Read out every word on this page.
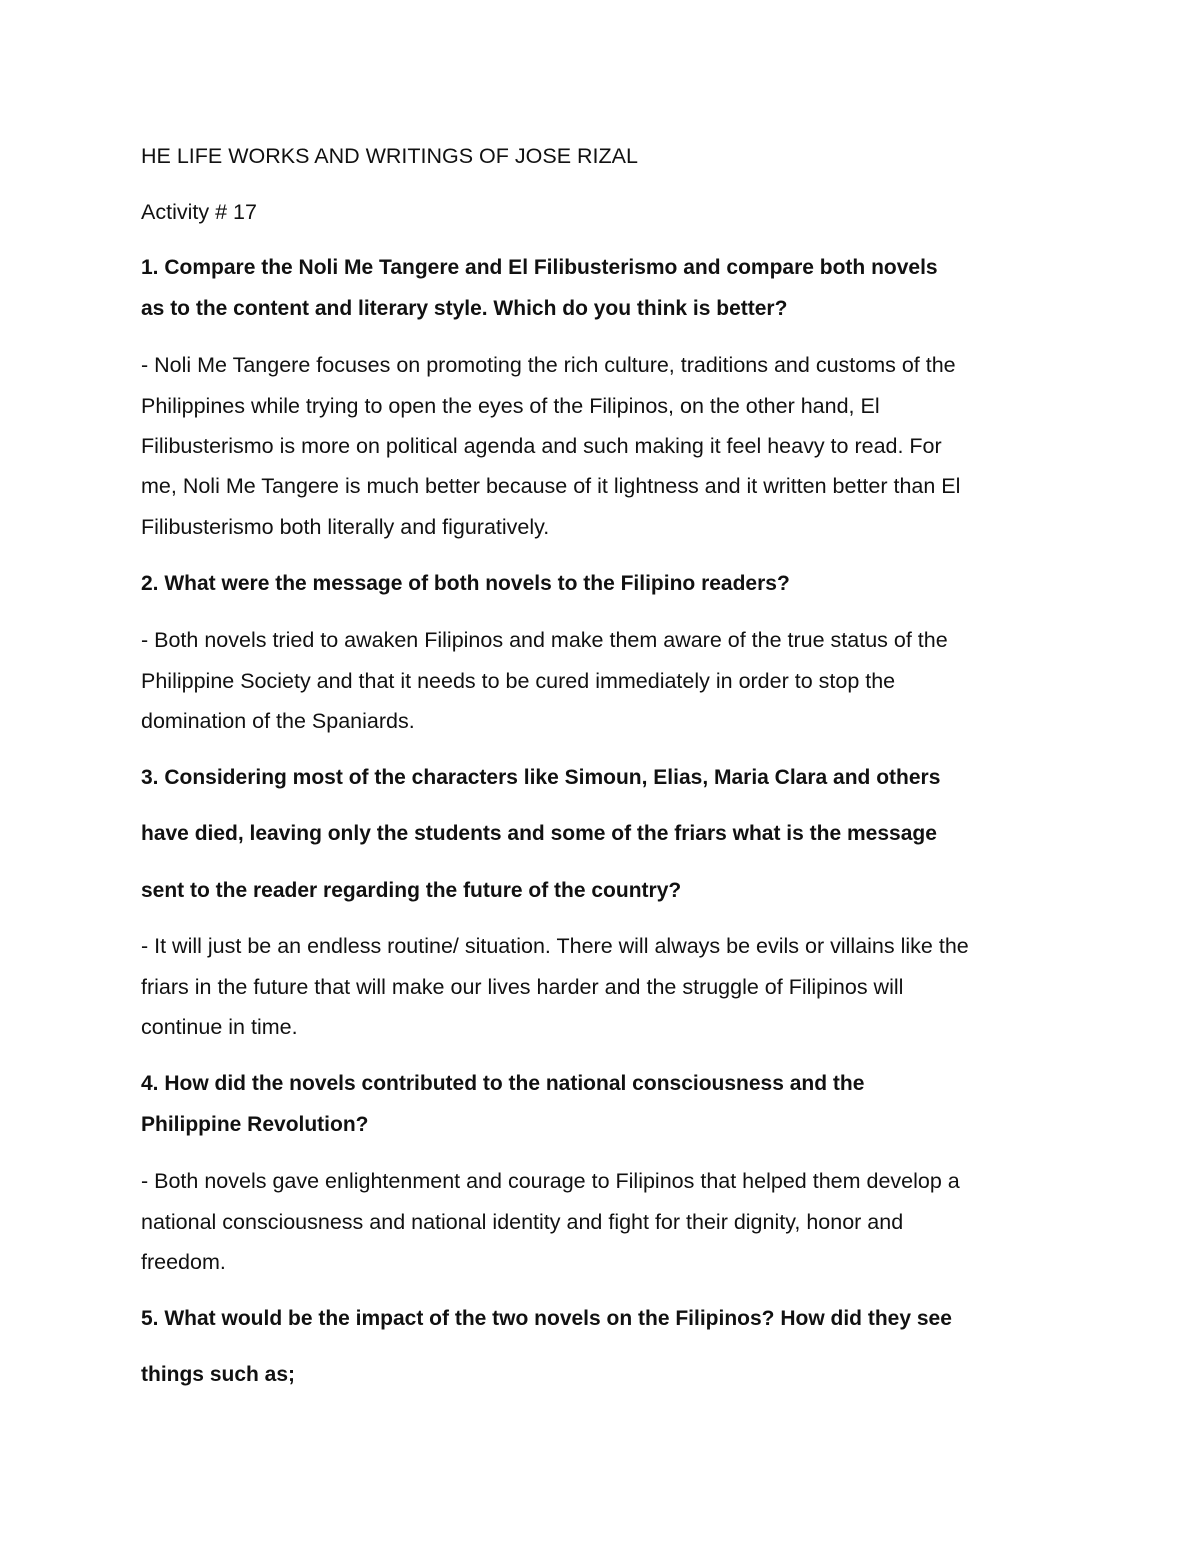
HE LIFE WORKS AND WRITINGS OF JOSE RIZAL
Activity # 17
1. Compare the Noli Me Tangere and El Filibusterismo and compare both novels
as to the content and literary style. Which do you think is better?
- Noli Me Tangere focuses on promoting the rich culture, traditions and customs of the
Philippines while trying to open the eyes of the Filipinos, on the other hand, El
Filibusterismo is more on political agenda and such making it feel heavy to read. For
me, Noli Me Tangere is much better because of it lightness and it written better than El
Filibusterismo both literally and figuratively.
2. What were the message of both novels to the Filipino readers?
- Both novels tried to awaken Filipinos and make them aware of the true status of the
Philippine Society and that it needs to be cured immediately in order to stop the
domination of the Spaniards.
3. Considering most of the characters like Simoun, Elias, Maria Clara and others
have died, leaving only the students and some of the friars what is the message
sent to the reader regarding the future of the country?
- It will just be an endless routine/ situation. There will always be evils or villains like the
friars in the future that will make our lives harder and the struggle of Filipinos will
continue in time.
4. How did the novels contributed to the national consciousness and the
Philippine Revolution?
- Both novels gave enlightenment and courage to Filipinos that helped them develop a
national consciousness and national identity and fight for their dignity, honor and
freedom.
5. What would be the impact of the two novels on the Filipinos? How did they see
things such as;
